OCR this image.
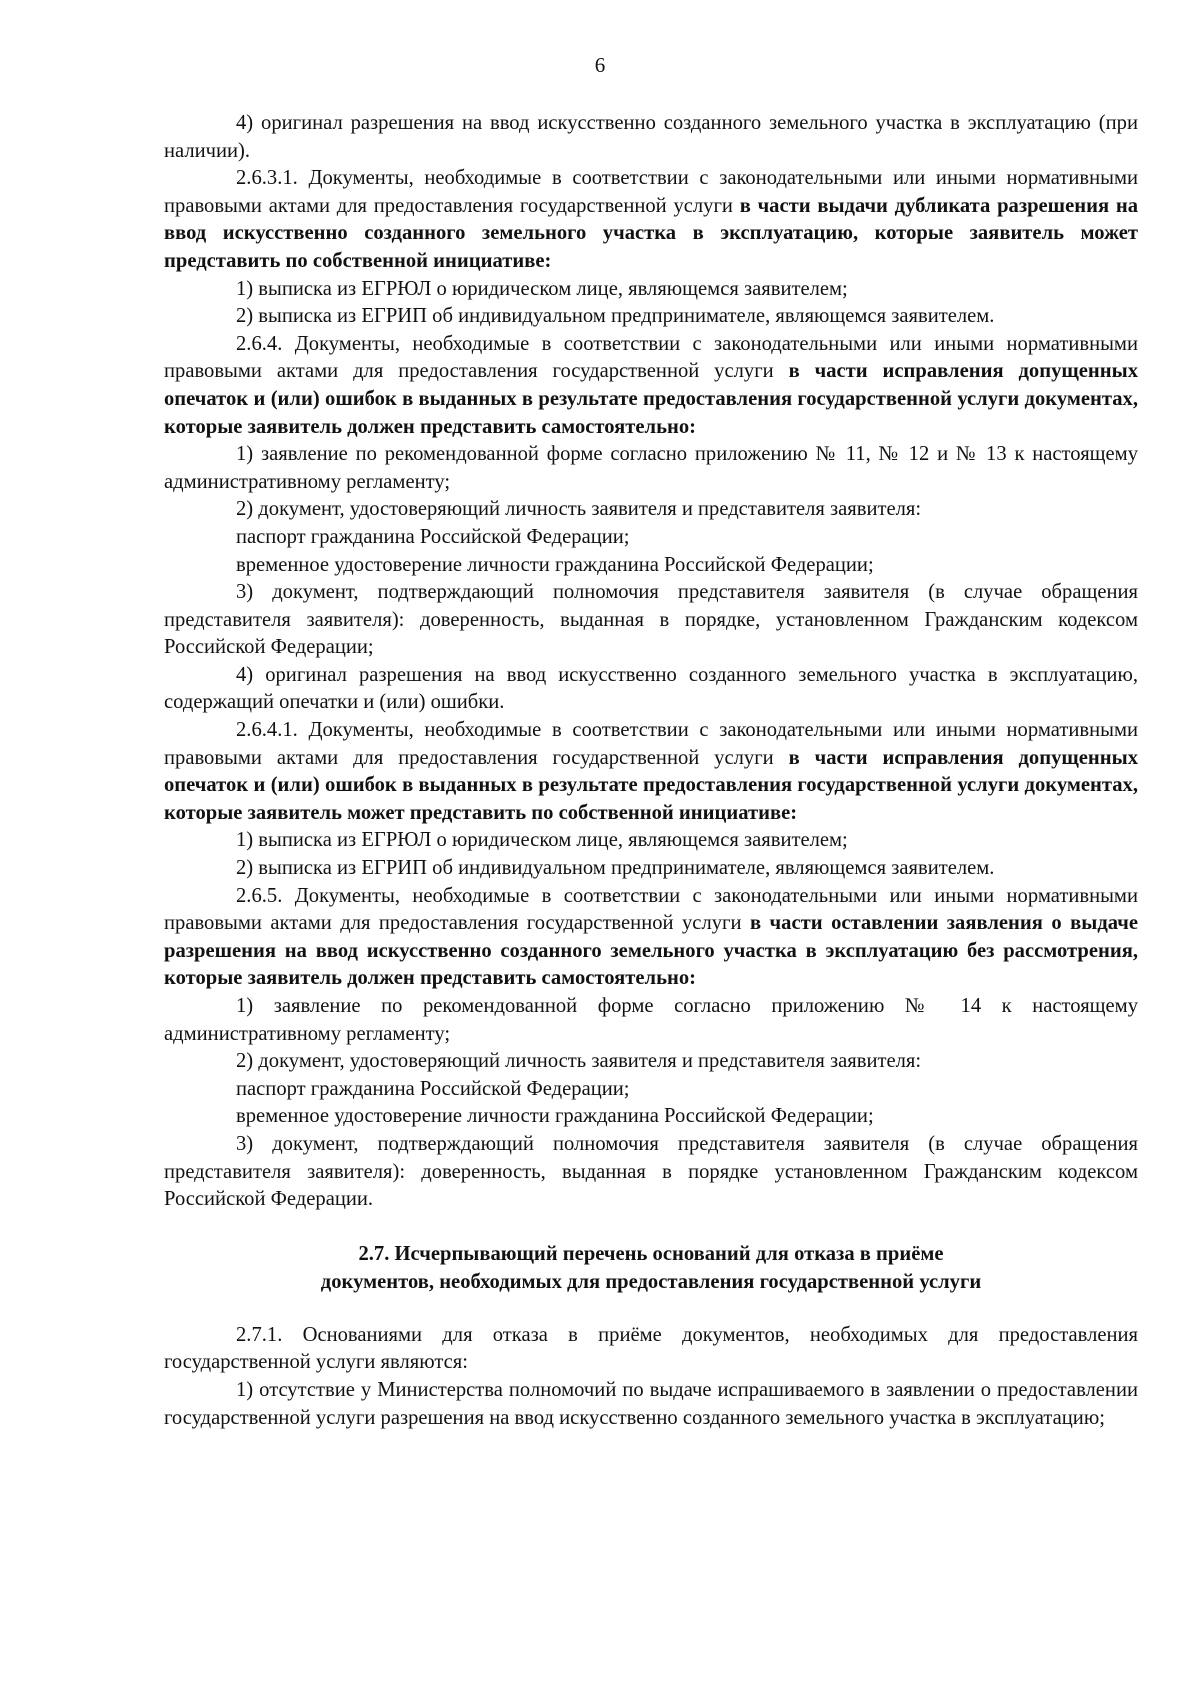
6

4) оригинал разрешения на ввод искусственно созданного земельного участка в эксплуатацию (при наличии).

2.6.3.1. Документы, необходимые в соответствии с законодательными или иными нормативными правовыми актами для предоставления государственной услуги в части выдачи дубликата разрешения на ввод искусственно созданного земельного участка в эксплуатацию, которые заявитель может представить по собственной инициативе:

1) выписка из ЕГРЮЛ о юридическом лице, являющемся заявителем;

2) выписка из ЕГРИП об индивидуальном предпринимателе, являющемся заявителем.

2.6.4. Документы, необходимые в соответствии с законодательными или иными нормативными правовыми актами для предоставления государственной услуги в части исправления допущенных опечаток и (или) ошибок в выданных в результате предоставления государственной услуги документах, которые заявитель должен представить самостоятельно:

1) заявление по рекомендованной форме согласно приложению № 11, № 12 и № 13 к настоящему административному регламенту;

2) документ, удостоверяющий личность заявителя и представителя заявителя:

паспорт гражданина Российской Федерации;

временное удостоверение личности гражданина Российской Федерации;

3) документ, подтверждающий полномочия представителя заявителя (в случае обращения представителя заявителя): доверенность, выданная в порядке, установленном Гражданским кодексом Российской Федерации;

4) оригинал разрешения на ввод искусственно созданного земельного участка в эксплуатацию, содержащий опечатки и (или) ошибки.

2.6.4.1. Документы, необходимые в соответствии с законодательными или иными нормативными правовыми актами для предоставления государственной услуги в части исправления допущенных опечаток и (или) ошибок в выданных в результате предоставления государственной услуги документах, которые заявитель может представить по собственной инициативе:

1) выписка из ЕГРЮЛ о юридическом лице, являющемся заявителем;

2) выписка из ЕГРИП об индивидуальном предпринимателе, являющемся заявителем.

2.6.5. Документы, необходимые в соответствии с законодательными или иными нормативными правовыми актами для предоставления государственной услуги в части оставлении заявления о выдаче разрешения на ввод искусственно созданного земельного участка в эксплуатацию без рассмотрения, которые заявитель должен представить самостоятельно:

1) заявление по рекомендованной форме согласно приложению № 14 к настоящему административному регламенту;

2) документ, удостоверяющий личность заявителя и представителя заявителя:

паспорт гражданина Российской Федерации;

временное удостоверение личности гражданина Российской Федерации;

3) документ, подтверждающий полномочия представителя заявителя (в случае обращения представителя заявителя): доверенность, выданная в порядке установленном Гражданским кодексом Российской Федерации.

2.7. Исчерпывающий перечень оснований для отказа в приёме
документов, необходимых для предоставления государственной услуги

2.7.1. Основаниями для отказа в приёме документов, необходимых для предоставления государственной услуги являются:

1) отсутствие у Министерства полномочий по выдаче испрашиваемого в заявлении о предоставлении государственной услуги разрешения на ввод искусственно созданного земельного участка в эксплуатацию;
